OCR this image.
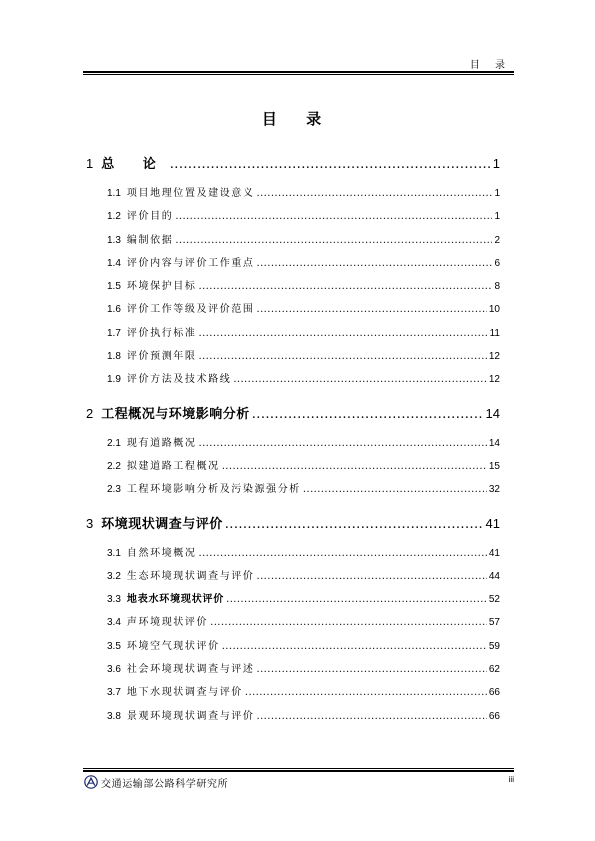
目 录
目 录
1 总 论 .....	1
1.1 项目地理位置及建设意义 .....	1
1.2 评价目的 .....	1
1.3 编制依据 .....	2
1.4 评价内容与评价工作重点 .....	6
1.5 环境保护目标 .....	8
1.6 评价工作等级及评价范围 .....	10
1.7 评价执行标准 .....	11
1.8 评价预测年限 .....	12
1.9 评价方法及技术路线 .....	12
2 工程概况与环境影响分析 .....	14
2.1 现有道路概况 .....	14
2.2 拟建道路工程概况 .....	15
2.3 工程环境影响分析及污染源强分析 .....	32
3 环境现状调查与评价 .....	41
3.1 自然环境概况 .....	41
3.2 生态环境现状调查与评价 .....	44
3.3 地表水环境现状评价 .....	52
3.4 声环境现状评价 .....	57
3.5 环境空气现状评价 .....	59
3.6 社会环境现状调查与评述 .....	62
3.7 地下水现状调查与评价 .....	66
3.8 景观环境现状调查与评价 .....	66
交通运输部公路科学研究所	iii
